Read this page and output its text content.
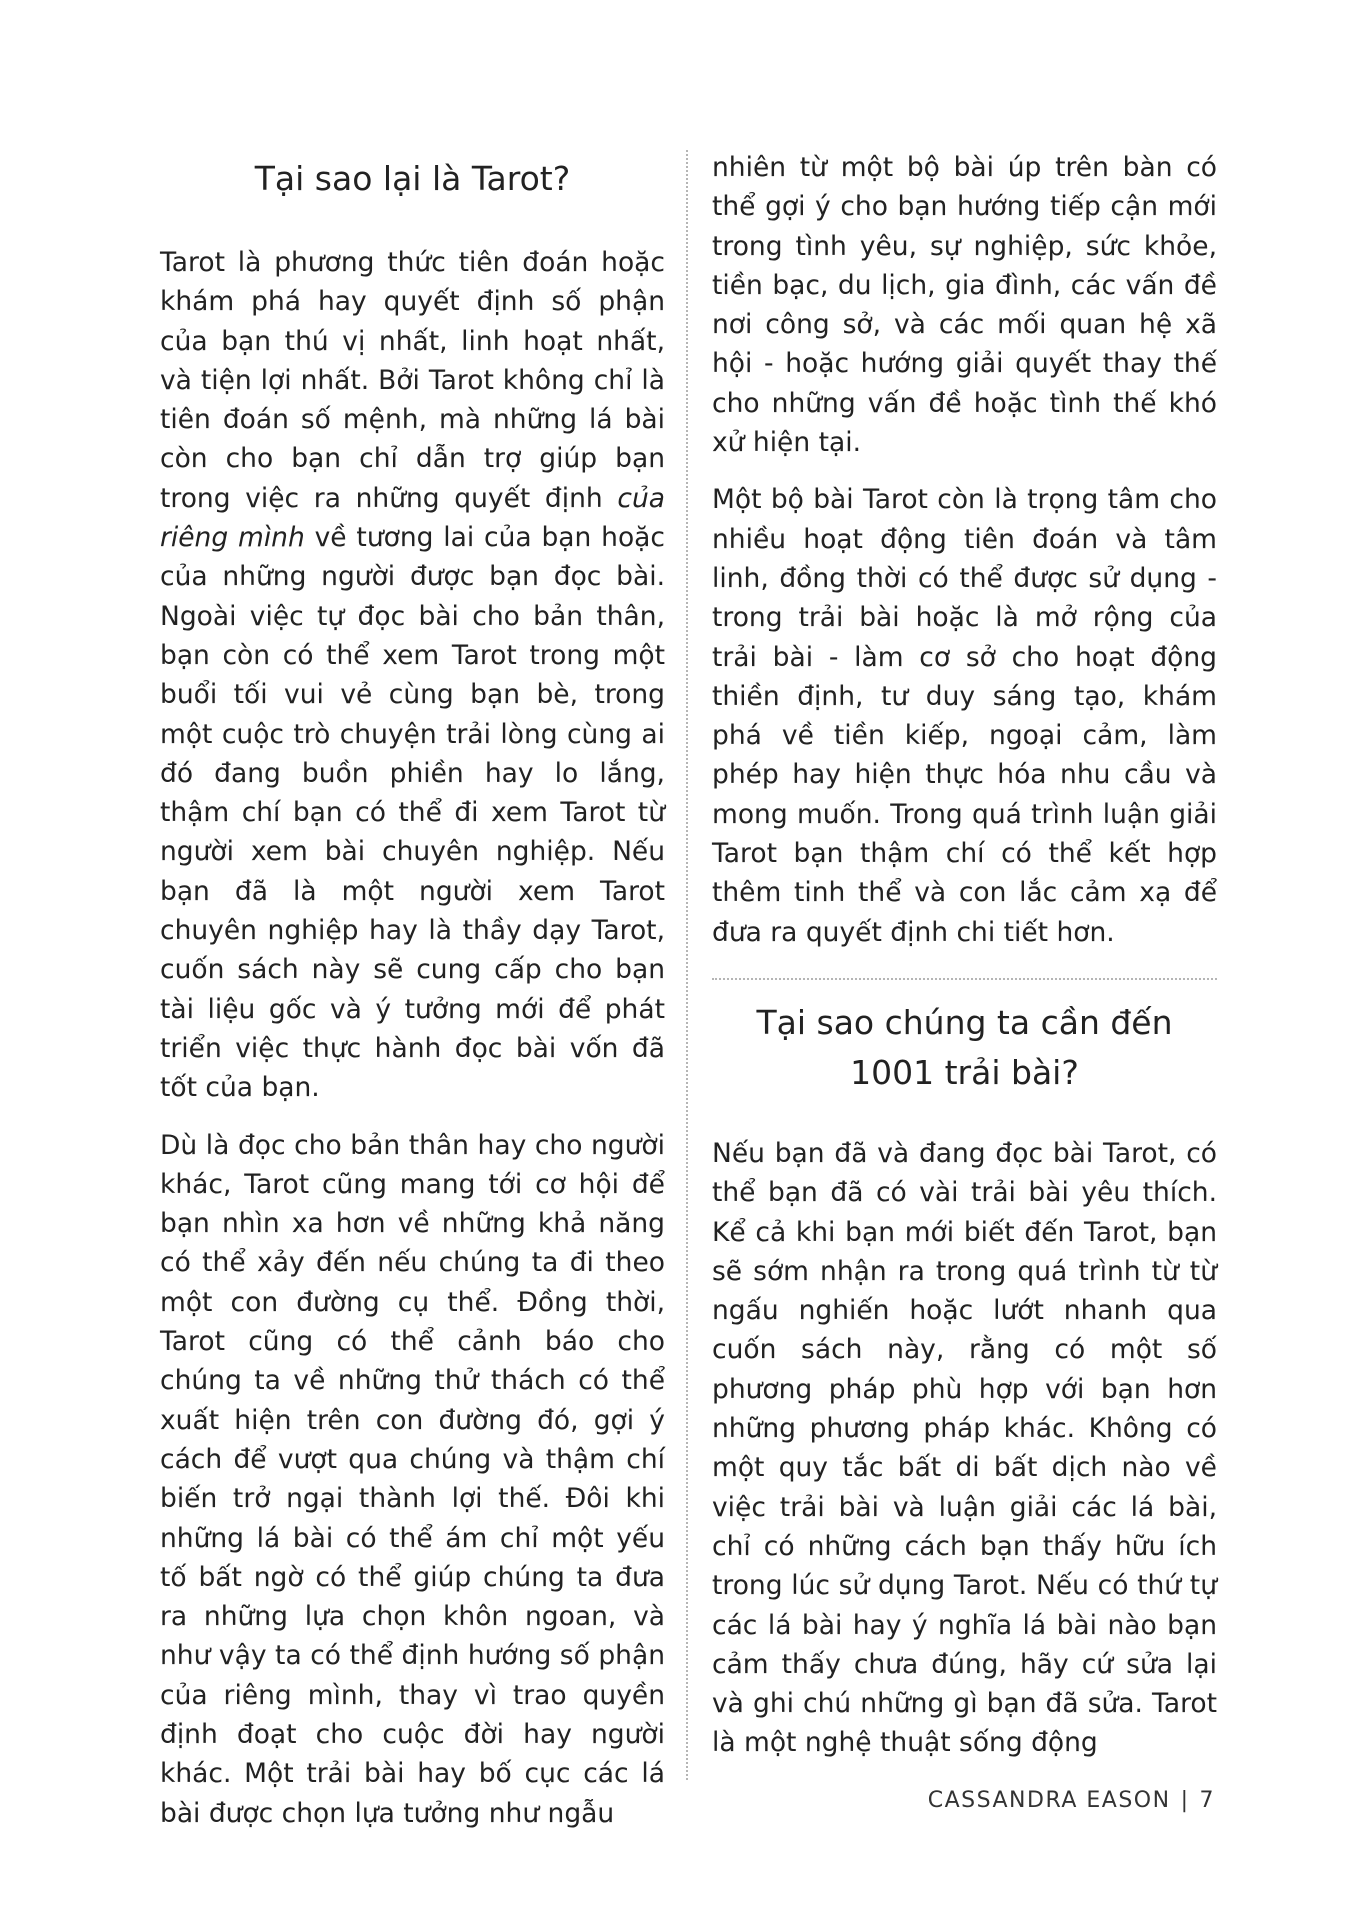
Tại sao lại là Tarot?

Tarot là phương thức tiên đoán hoặc khám phá hay quyết định số phận của bạn thú vị nhất, linh hoạt nhất, và tiện lợi nhất. Bởi Tarot không chỉ là tiên đoán số mệnh, mà những lá bài còn cho bạn chỉ dẫn trợ giúp bạn trong việc ra những quyết định của riêng mình về tương lai của bạn hoặc của những người được bạn đọc bài. Ngoài việc tự đọc bài cho bản thân, bạn còn có thể xem Tarot trong một buổi tối vui vẻ cùng bạn bè, trong một cuộc trò chuyện trải lòng cùng ai đó đang buồn phiền hay lo lắng, thậm chí bạn có thể đi xem Tarot từ người xem bài chuyên nghiệp. Nếu bạn đã là một người xem Tarot chuyên nghiệp hay là thầy dạy Tarot, cuốn sách này sẽ cung cấp cho bạn tài liệu gốc và ý tưởng mới để phát triển việc thực hành đọc bài vốn đã tốt của bạn.

Dù là đọc cho bản thân hay cho người khác, Tarot cũng mang tới cơ hội để bạn nhìn xa hơn về những khả năng có thể xảy đến nếu chúng ta đi theo một con đường cụ thể. Đồng thời, Tarot cũng có thể cảnh báo cho chúng ta về những thử thách có thể xuất hiện trên con đường đó, gợi ý cách để vượt qua chúng và thậm chí biến trở ngại thành lợi thế. Đôi khi những lá bài có thể ám chỉ một yếu tố bất ngờ có thể giúp chúng ta đưa ra những lựa chọn khôn ngoan, và như vậy ta có thể định hướng số phận của riêng mình, thay vì trao quyền định đoạt cho cuộc đời hay người khác. Một trải bài hay bố cục các lá bài được chọn lựa tưởng như ngẫu

nhiên từ một bộ bài úp trên bàn có thể gợi ý cho bạn hướng tiếp cận mới trong tình yêu, sự nghiệp, sức khỏe, tiền bạc, du lịch, gia đình, các vấn đề nơi công sở, và các mối quan hệ xã hội - hoặc hướng giải quyết thay thế cho những vấn đề hoặc tình thế khó xử hiện tại.

Một bộ bài Tarot còn là trọng tâm cho nhiều hoạt động tiên đoán và tâm linh, đồng thời có thể được sử dụng - trong trải bài hoặc là mở rộng của trải bài - làm cơ sở cho hoạt động thiền định, tư duy sáng tạo, khám phá về tiền kiếp, ngoại cảm, làm phép hay hiện thực hóa nhu cầu và mong muốn. Trong quá trình luận giải Tarot bạn thậm chí có thể kết hợp thêm tinh thể và con lắc cảm xạ để đưa ra quyết định chi tiết hơn.

Tại sao chúng ta cần đến
1001 trải bài?

Nếu bạn đã và đang đọc bài Tarot, có thể bạn đã có vài trải bài yêu thích. Kể cả khi bạn mới biết đến Tarot, bạn sẽ sớm nhận ra trong quá trình từ từ ngấu nghiến hoặc lướt nhanh qua cuốn sách này, rằng có một số phương pháp phù hợp với bạn hơn những phương pháp khác. Không có một quy tắc bất di bất dịch nào về việc trải bài và luận giải các lá bài, chỉ có những cách bạn thấy hữu ích trong lúc sử dụng Tarot. Nếu có thứ tự các lá bài hay ý nghĩa lá bài nào bạn cảm thấy chưa đúng, hãy cứ sửa lại và ghi chú những gì bạn đã sửa. Tarot là một nghệ thuật sống động

CASSANDRA EASON | 7
